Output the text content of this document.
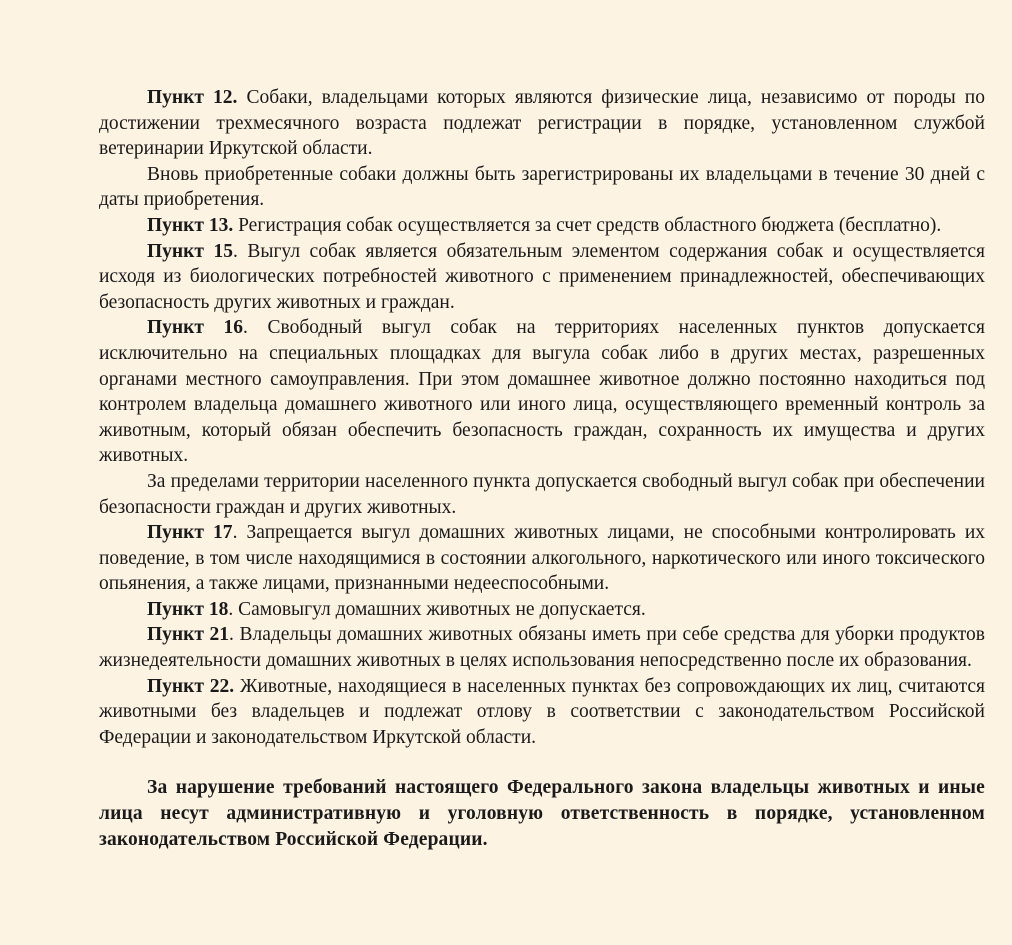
Пункт 12. Собаки, владельцами которых являются физические лица, независимо от породы по достижении трехмесячного возраста подлежат регистрации в порядке, установленном службой ветеринарии Иркутской области.

Вновь приобретенные собаки должны быть зарегистрированы их владельцами в течение 30 дней с даты приобретения.

Пункт 13. Регистрация собак осуществляется за счет средств областного бюджета (бесплатно).

Пункт 15. Выгул собак является обязательным элементом содержания собак и осуществляется исходя из биологических потребностей животного с применением принадлежностей, обеспечивающих безопасность других животных и граждан.

Пункт 16. Свободный выгул собак на территориях населенных пунктов допускается исключительно на специальных площадках для выгула собак либо в других местах, разрешенных органами местного самоуправления. При этом домашнее животное должно постоянно находиться под контролем владельца домашнего животного или иного лица, осуществляющего временный контроль за животным, который обязан обеспечить безопасность граждан, сохранность их имущества и других животных.

За пределами территории населенного пункта допускается свободный выгул собак при обеспечении безопасности граждан и других животных.

Пункт 17. Запрещается выгул домашних животных лицами, не способными контролировать их поведение, в том числе находящимися в состоянии алкогольного, наркотического или иного токсического опьянения, а также лицами, признанными недееспособными.

Пункт 18. Самовыгул домашних животных не допускается.

Пункт 21. Владельцы домашних животных обязаны иметь при себе средства для уборки продуктов жизнедеятельности домашних животных в целях использования непосредственно после их образования.

Пункт 22. Животные, находящиеся в населенных пунктах без сопровождающих их лиц, считаются животными без владельцев и подлежат отлову в соответствии с законодательством Российской Федерации и законодательством Иркутской области.

За нарушение требований настоящего Федерального закона владельцы животных и иные лица несут административную и уголовную ответственность в порядке, установленном законодательством Российской Федерации.
